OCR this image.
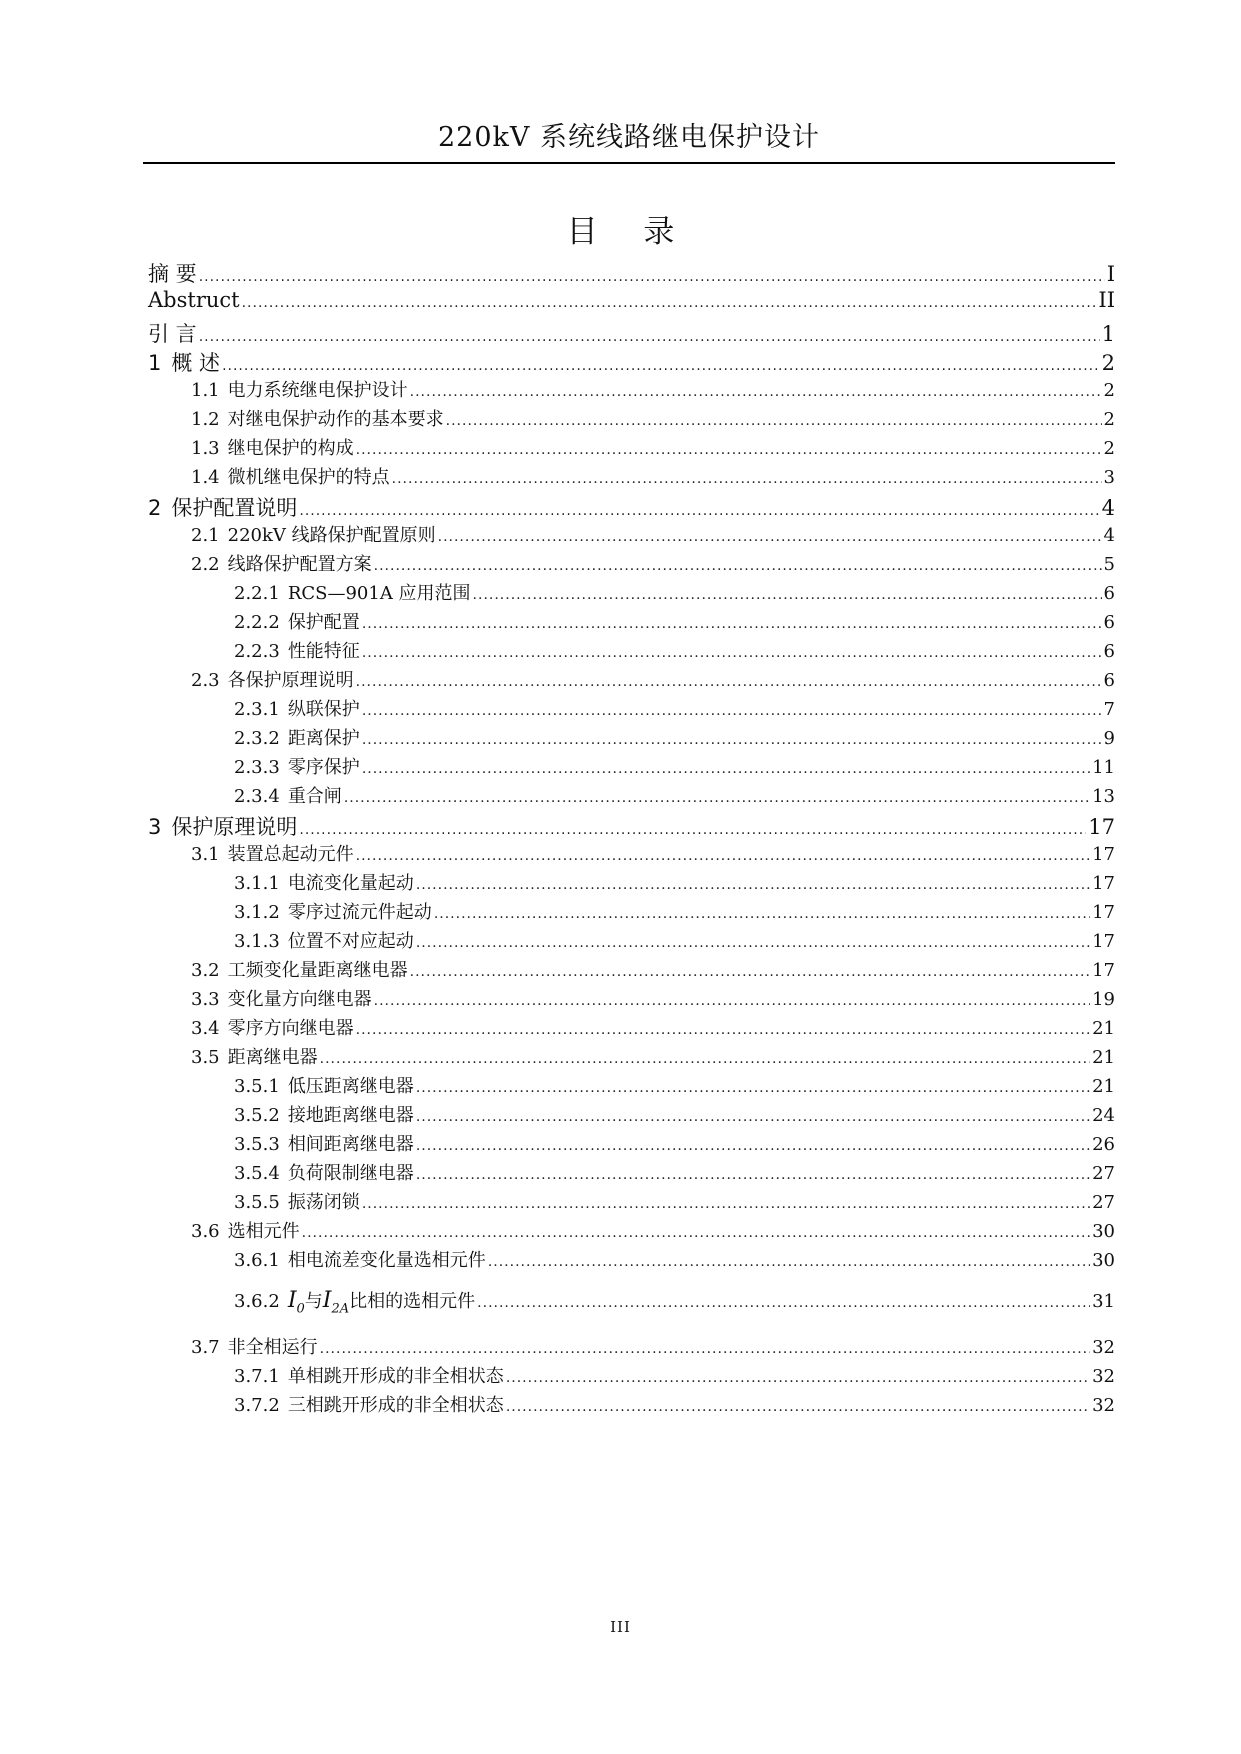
220kV 系统线路继电保护设计
目 录
摘 要 .....	I
Abstruct .....	II
引 言 .....	1
1 概 述 .....	2
1.1 电力系统继电保护设计 .....	2
1.2 对继电保护动作的基本要求 .....	2
1.3 继电保护的构成 .....	2
1.4 微机继电保护的特点 .....	3
2 保护配置说明 .....	4
2.1 220kV 线路保护配置原则 .....	4
2.2 线路保护配置方案 .....	5
2.2.1 RCS—901A 应用范围 .....	6
2.2.2 保护配置 .....	6
2.2.3 性能特征 .....	6
2.3 各保护原理说明 .....	6
2.3.1 纵联保护 .....	7
2.3.2 距离保护 .....	9
2.3.3 零序保护 .....	11
2.3.4 重合闸 .....	13
3 保护原理说明 .....	17
3.1 装置总起动元件 .....	17
3.1.1 电流变化量起动 .....	17
3.1.2 零序过流元件起动 .....	17
3.1.3 位置不对应起动 .....	17
3.2 工频变化量距离继电器 .....	17
3.3 变化量方向继电器 .....	19
3.4 零序方向继电器 .....	21
3.5 距离继电器 .....	21
3.5.1 低压距离继电器 .....	21
3.5.2 接地距离继电器 .....	24
3.5.3 相间距离继电器 .....	26
3.5.4 负荷限制继电器 .....	27
3.5.5 振荡闭锁 .....	27
3.6 选相元件 .....	30
3.6.1 相电流差变化量选相元件 .....	30
3.6.2 $I_0$与$I_{2A}$比相的选相元件 .....	31
3.7 非全相运行 .....	32
3.7.1 单相跳开形成的非全相状态 .....	32
3.7.2 三相跳开形成的非全相状态 .....	32
III
